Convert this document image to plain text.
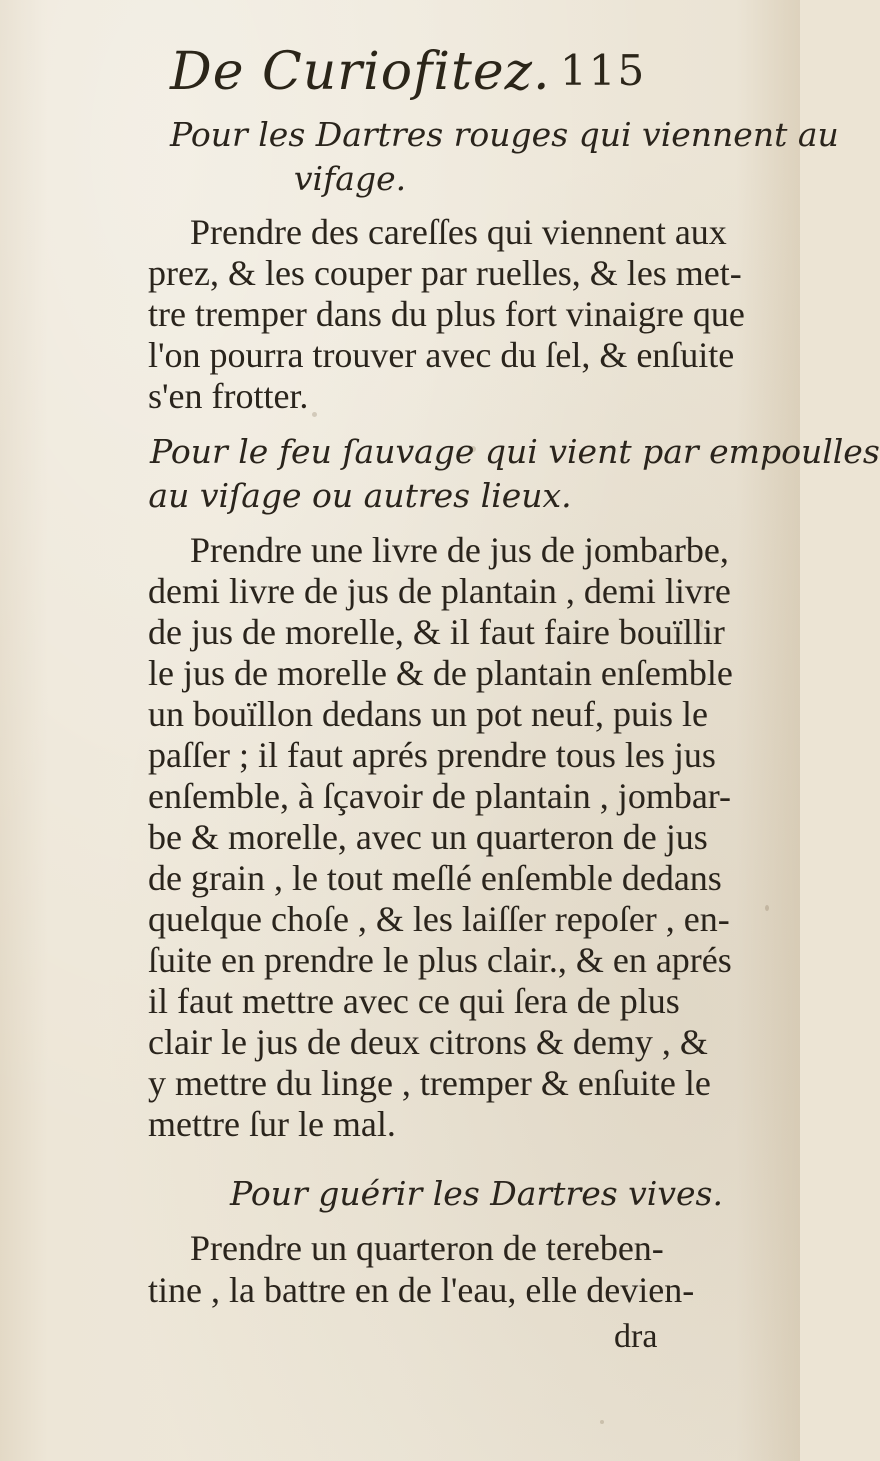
De Curiofitez. 115
Pour les Dartres rouges qui viennent au
vifage.
Prendre des careſſes qui viennent aux
prez, & les couper par ruelles, & les met-
tre tremper dans du plus fort vinaigre que
l'on pourra trouver avec du ſel, & enſuite
s'en frotter.
Pour le feu ſauvage qui vient par empoulles
au viſage ou autres lieux.
Prendre une livre de jus de jombarbe,
demi livre de jus de plantain , demi livre
de jus de morelle, & il faut faire bouïllir
le jus de morelle & de plantain enſemble
un bouïllon dedans un pot neuf, puis le
paſſer ; il faut aprés prendre tous les jus
enſemble, à ſçavoir de plantain , jombar-
be & morelle, avec un quarteron de jus
de grain , le tout meſlé enſemble dedans
quelque choſe , & les laiſſer repoſer , en-
ſuite en prendre le plus clair., & en aprés
il faut mettre avec ce qui ſera de plus
clair le jus de deux citrons & demy , &
y mettre du linge , tremper & enſuite le
mettre ſur le mal.
Pour guérir les Dartres vives.
Prendre un quarteron de tereben-
tine , la battre en de l'eau, elle devien-
dra
